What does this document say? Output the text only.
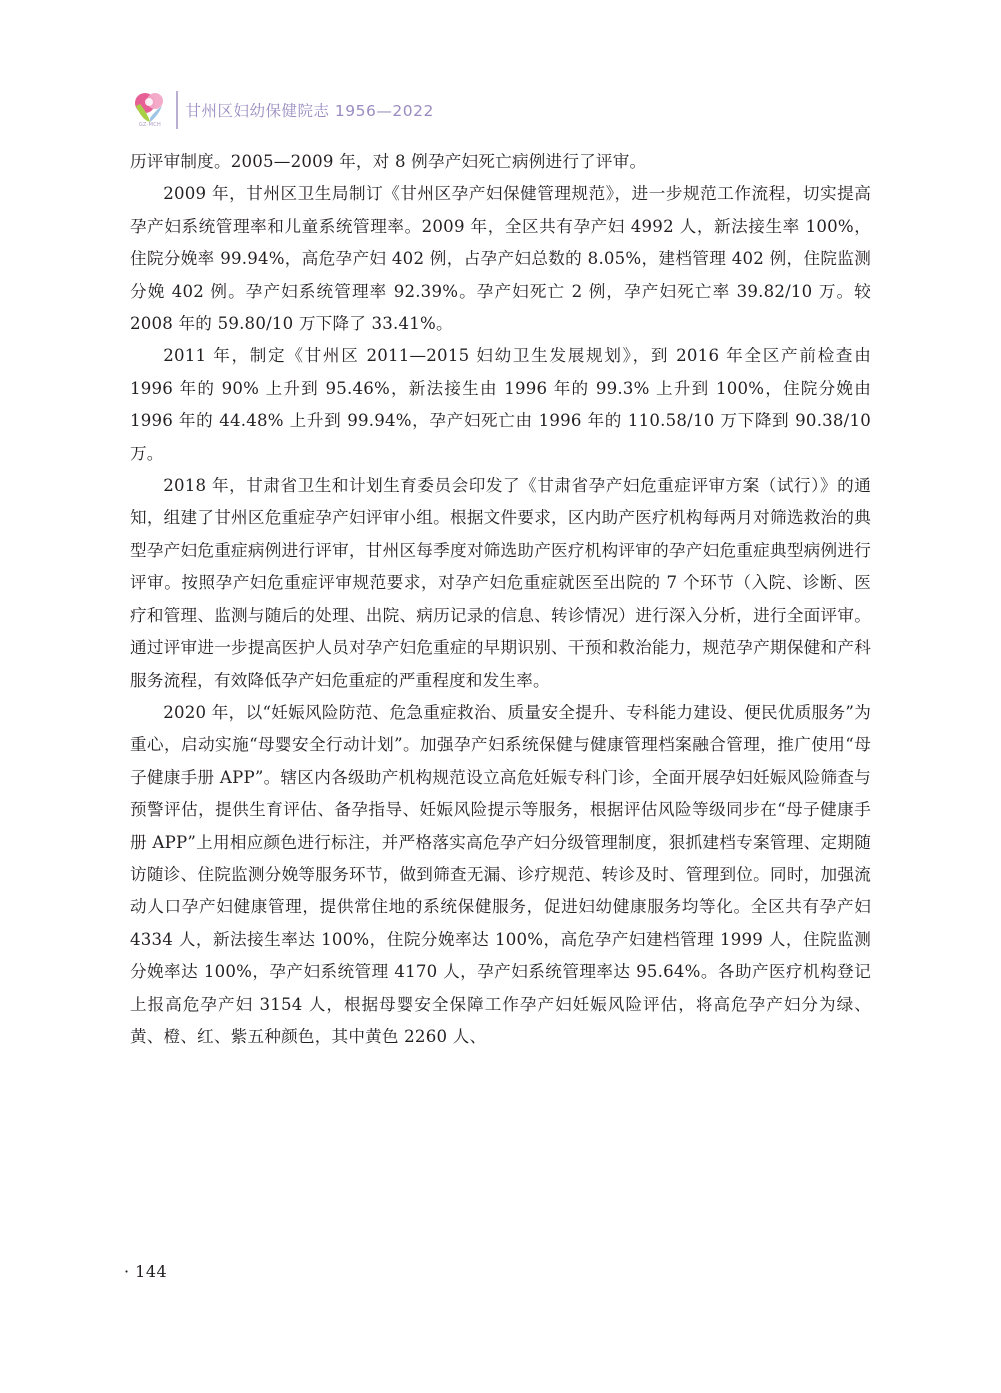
GZ·MCH
甘州区妇幼保健院志 1956—2022

历评审制度。2005—2009 年，对 8 例孕产妇死亡病例进行了评审。

2009 年，甘州区卫生局制订《甘州区孕产妇保健管理规范》，进一步规范工作流程，切实提高孕产妇系统管理率和儿童系统管理率。2009 年，全区共有孕产妇 4992 人，新法接生率 100%，住院分娩率 99.94%，高危孕产妇 402 例，占孕产妇总数的 8.05%，建档管理 402 例，住院监测分娩 402 例。孕产妇系统管理率 92.39%。孕产妇死亡 2 例，孕产妇死亡率 39.82/10 万。较 2008 年的 59.80/10 万下降了 33.41%。

2011 年，制定《甘州区 2011—2015 妇幼卫生发展规划》，到 2016 年全区产前检查由 1996 年的 90% 上升到 95.46%，新法接生由 1996 年的 99.3% 上升到 100%，住院分娩由 1996 年的 44.48% 上升到 99.94%，孕产妇死亡由 1996 年的 110.58/10 万下降到 90.38/10 万。

2018 年，甘肃省卫生和计划生育委员会印发了《甘肃省孕产妇危重症评审方案（试行）》的通知，组建了甘州区危重症孕产妇评审小组。根据文件要求，区内助产医疗机构每两月对筛选救治的典型孕产妇危重症病例进行评审，甘州区每季度对筛选助产医疗机构评审的孕产妇危重症典型病例进行评审。按照孕产妇危重症评审规范要求，对孕产妇危重症就医至出院的 7 个环节（入院、诊断、医疗和管理、监测与随后的处理、出院、病历记录的信息、转诊情况）进行深入分析，进行全面评审。通过评审进一步提高医护人员对孕产妇危重症的早期识别、干预和救治能力，规范孕产期保健和产科服务流程，有效降低孕产妇危重症的严重程度和发生率。

2020 年，以“妊娠风险防范、危急重症救治、质量安全提升、专科能力建设、便民优质服务”为重心，启动实施“母婴安全行动计划”。加强孕产妇系统保健与健康管理档案融合管理，推广使用“母子健康手册 APP”。辖区内各级助产机构规范设立高危妊娠专科门诊，全面开展孕妇妊娠风险筛查与预警评估，提供生育评估、备孕指导、妊娠风险提示等服务，根据评估风险等级同步在“母子健康手册 APP”上用相应颜色进行标注，并严格落实高危孕产妇分级管理制度，狠抓建档专案管理、定期随访随诊、住院监测分娩等服务环节，做到筛查无漏、诊疗规范、转诊及时、管理到位。同时，加强流动人口孕产妇健康管理，提供常住地的系统保健服务，促进妇幼健康服务均等化。全区共有孕产妇 4334 人，新法接生率达 100%，住院分娩率达 100%，高危孕产妇建档管理 1999 人，住院监测分娩率达 100%，孕产妇系统管理 4170 人，孕产妇系统管理率达 95.64%。各助产医疗机构登记上报高危孕产妇 3154 人，根据母婴安全保障工作孕产妇妊娠风险评估，将高危孕产妇分为绿、黄、橙、红、紫五种颜色，其中黄色 2260 人、

· 144
